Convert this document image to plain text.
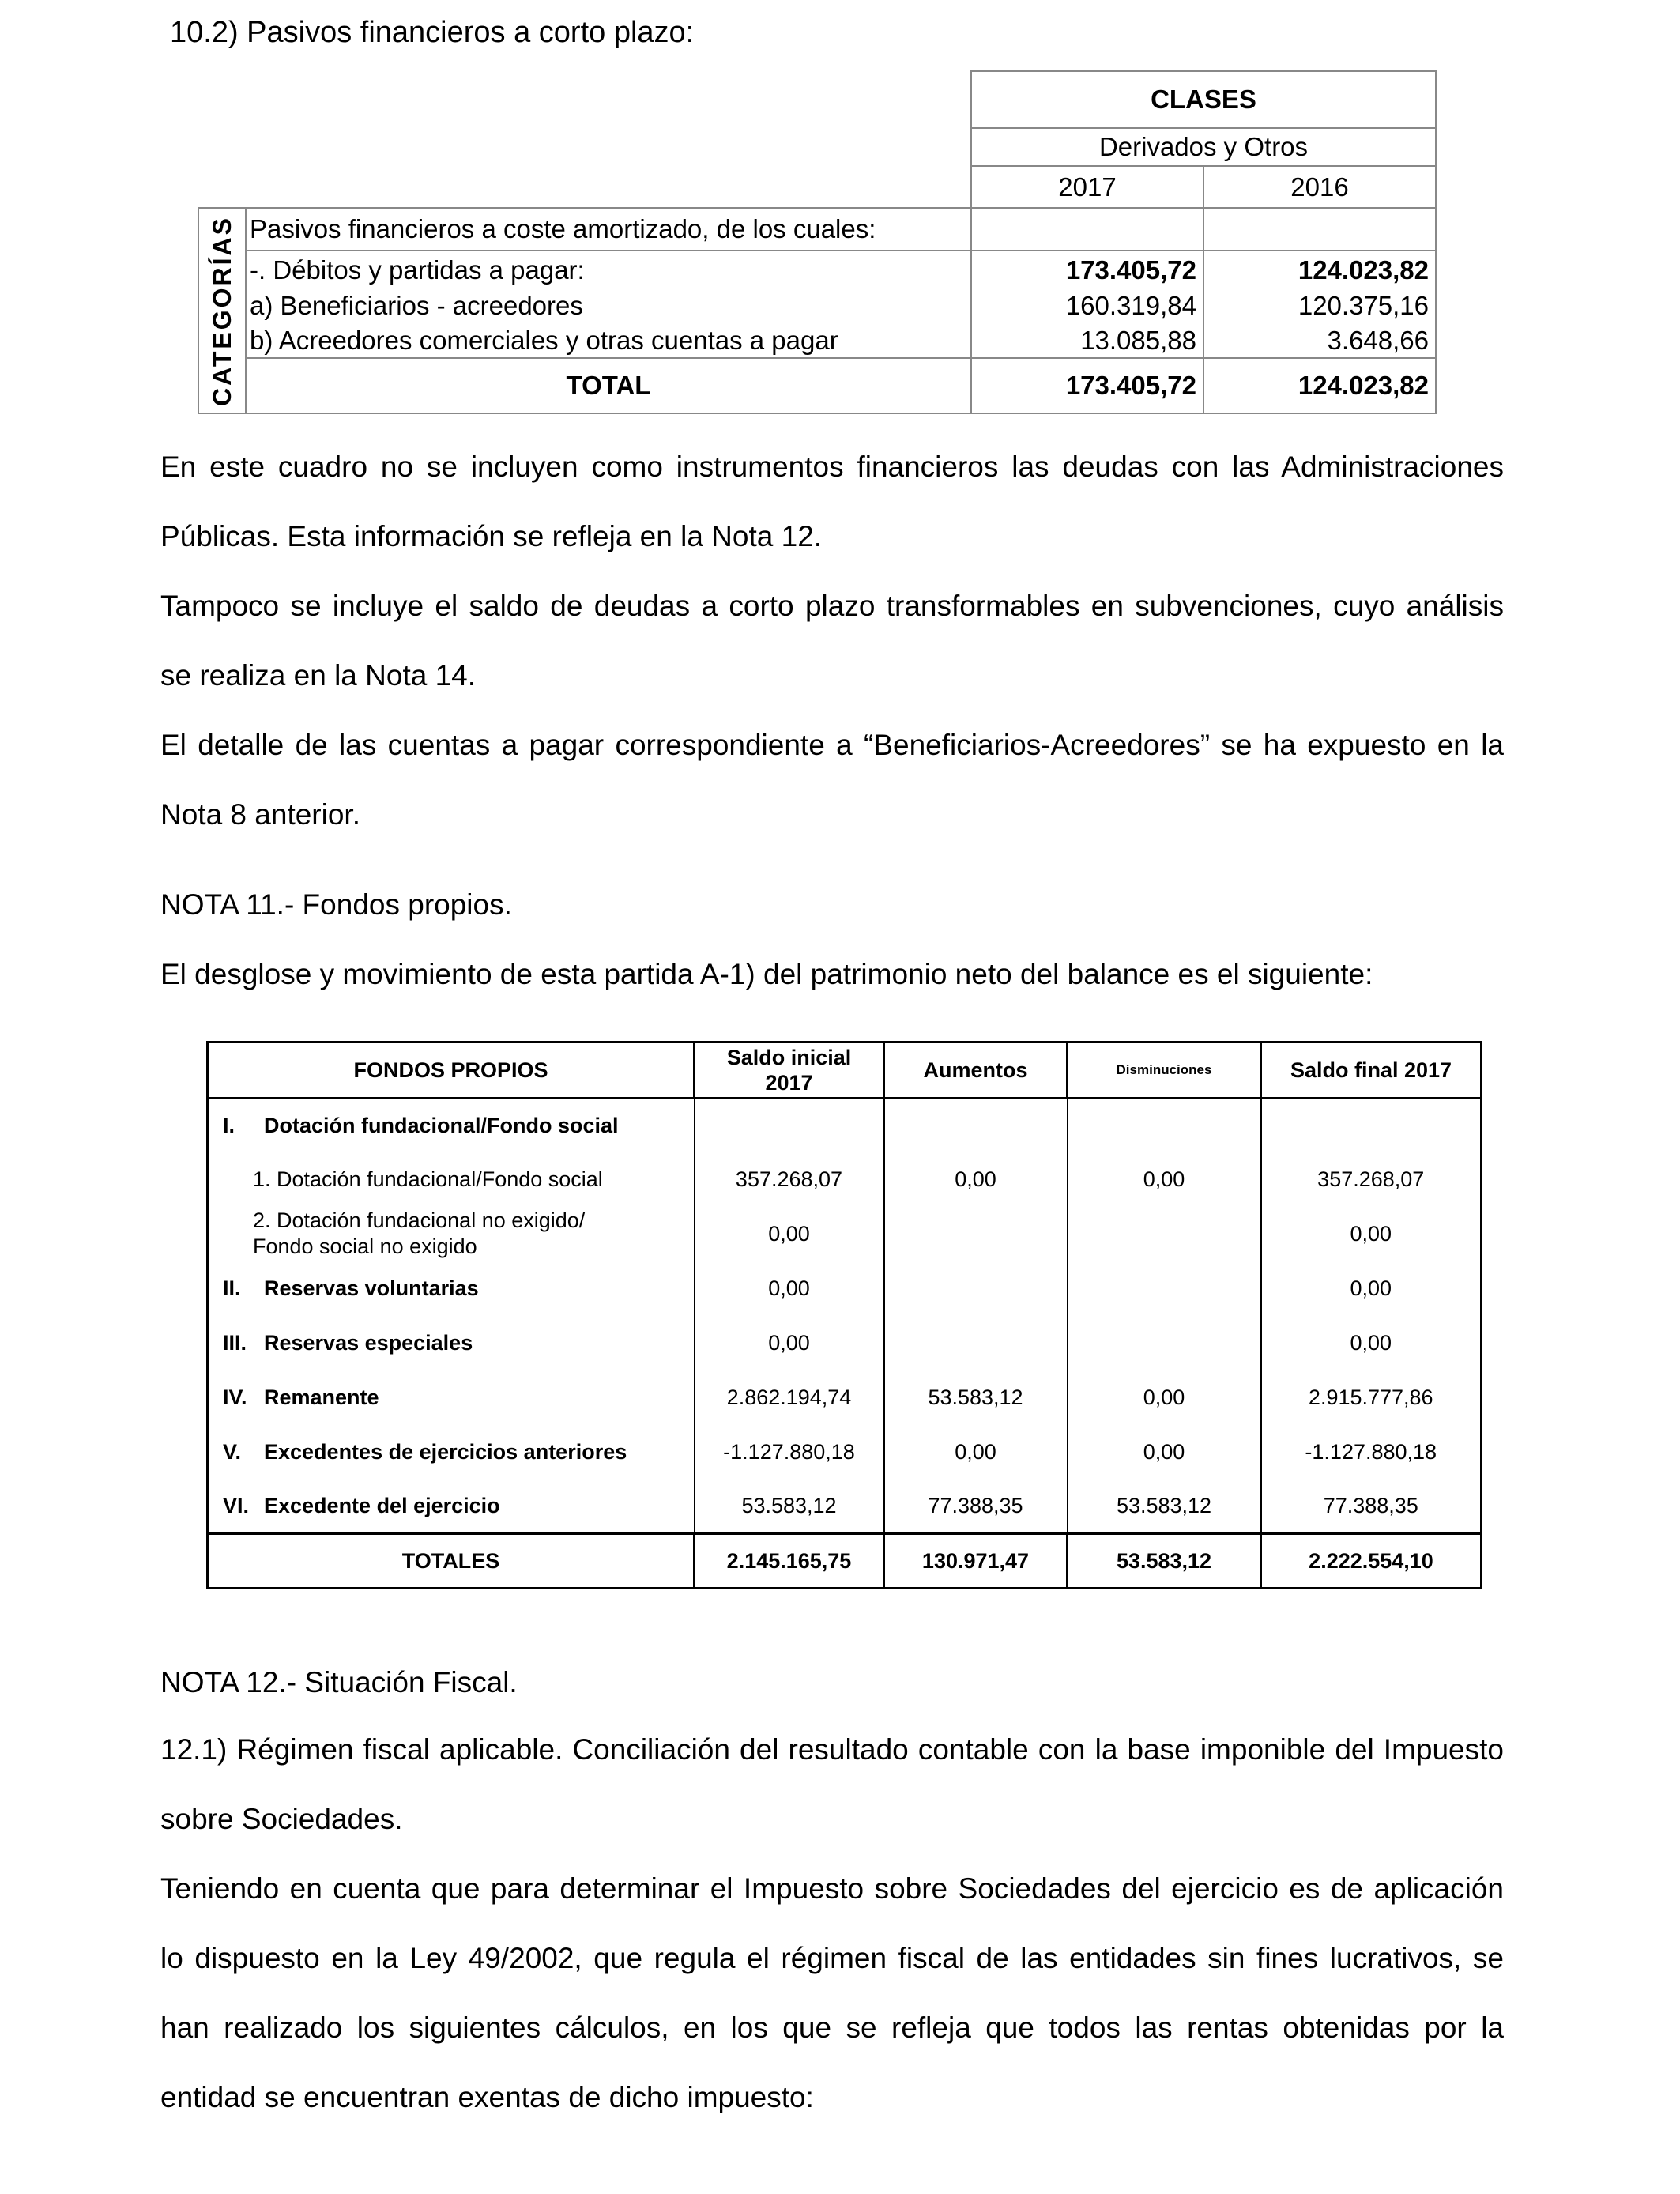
10.2) Pasivos financieros a corto plazo:
		CLASES	
		Derivados y Otros	
		2017	2016

CATEGORÍAS	Pasivos financieros a coste amortizado, de los cuales:		
	-. Débitos y partidas a pagar:	173.405,72	124.023,82
	a) Beneficiarios - acreedores	160.319,84	120.375,16
	b) Acreedores comerciales y otras cuentas a pagar	13.085,88	3.648,66
	TOTAL	173.405,72	124.023,82
En este cuadro no se incluyen como instrumentos financieros las deudas con las Administraciones
Públicas. Esta información se refleja en la Nota 12.
Tampoco se incluye el saldo de deudas a corto plazo transformables en subvenciones, cuyo análisis
se realiza en la Nota 14.
El detalle de las cuentas a pagar correspondiente a “Beneficiarios-Acreedores” se ha expuesto en la
Nota 8 anterior.
NOTA 11.- Fondos propios.
El desglose y movimiento de esta partida A-1) del patrimonio neto del balance es el siguiente:
FONDOS PROPIOS	Saldo inicial 2017	Aumentos	Disminuciones	Saldo final 2017
I. Dotación fundacional/Fondo social				
1. Dotación fundacional/Fondo social	357.268,07	0,00	0,00	357.268,07
2. Dotación fundacional no exigido/ Fondo social no exigido	0,00			0,00
II. Reservas voluntarias	0,00			0,00
III. Reservas especiales	0,00			0,00
IV. Remanente	2.862.194,74	53.583,12	0,00	2.915.777,86
V. Excedentes de ejercicios anteriores	-1.127.880,18	0,00	0,00	-1.127.880,18
VI. Excedente del ejercicio	53.583,12	77.388,35	53.583,12	77.388,35
TOTALES	2.145.165,75	130.971,47	53.583,12	2.222.554,10
NOTA 12.- Situación Fiscal.
12.1) Régimen fiscal aplicable. Conciliación del resultado contable con la base imponible del Impuesto
sobre Sociedades.
Teniendo en cuenta que para determinar el Impuesto sobre Sociedades del ejercicio es de aplicación
lo dispuesto en la Ley 49/2002, que regula el régimen fiscal de las entidades sin fines lucrativos, se
han realizado los siguientes cálculos, en los que se refleja que todos las rentas obtenidas por la
entidad se encuentran exentas de dicho impuesto:
